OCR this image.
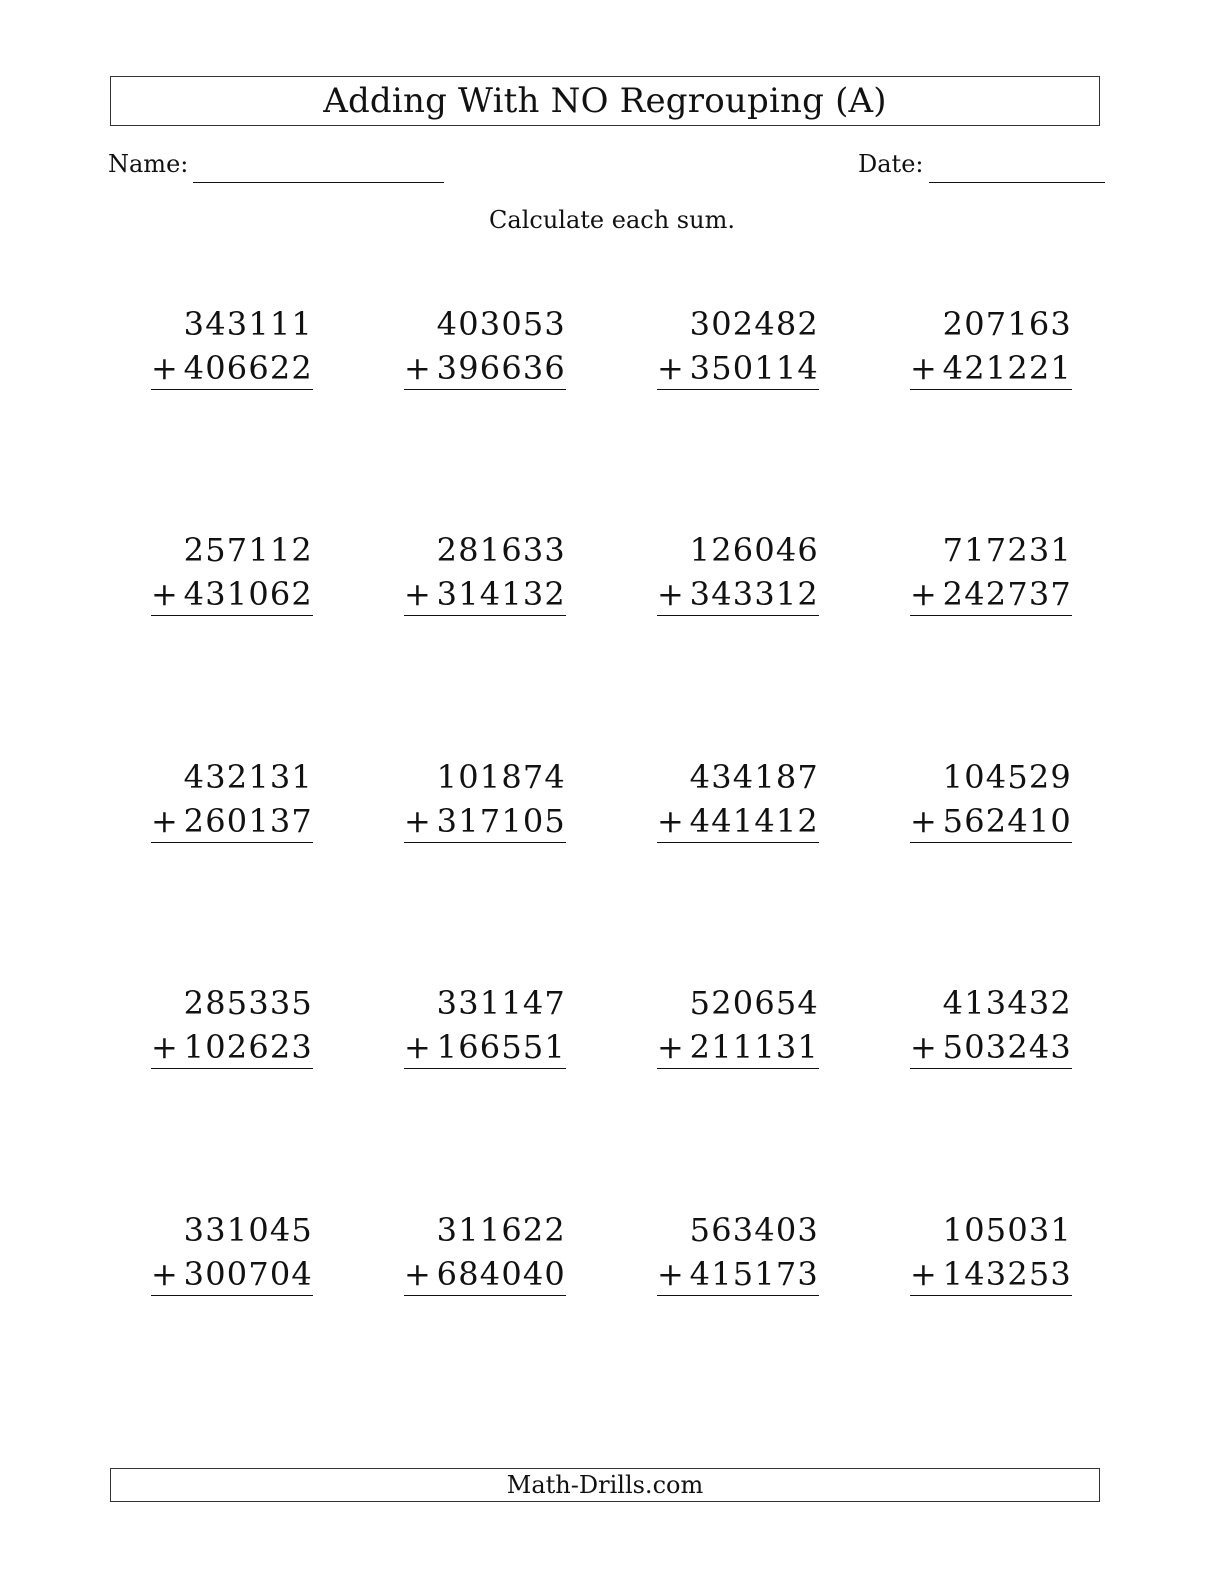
Adding With NO Regrouping (A)
Name:	Date:
Calculate each sum.
343111
+ 406622
403053
+ 396636
302482
+ 350114
207163
+ 421221
257112
+ 431062
281633
+ 314132
126046
+ 343312
717231
+ 242737
432131
+ 260137
101874
+ 317105
434187
+ 441412
104529
+ 562410
285335
+ 102623
331147
+ 166551
520654
+ 211131
413432
+ 503243
331045
+ 300704
311622
+ 684040
563403
+ 415173
105031
+ 143253
Math-Drills.com
